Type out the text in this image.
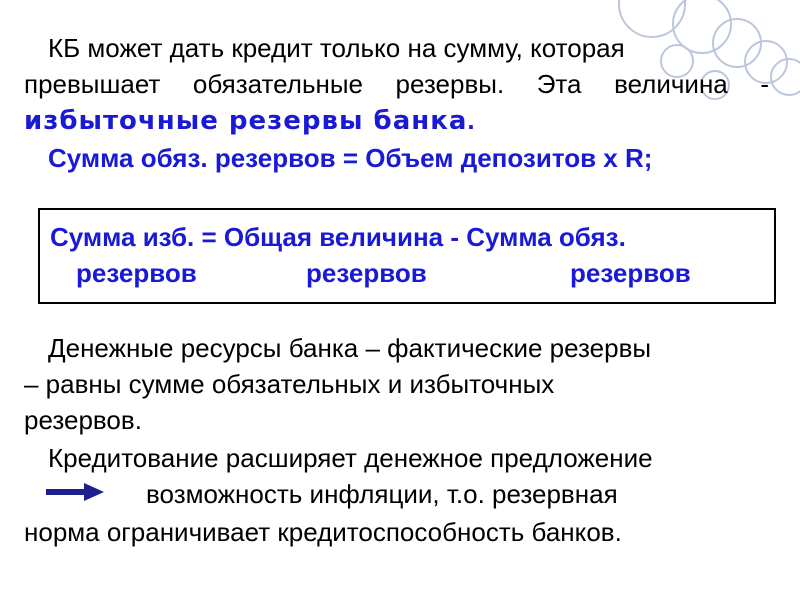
КБ может дать кредит только на сумму, которая
превышает обязательные резервы. Эта величина -
избыточные резервы банка.
Сумма обяз. резервов = Объем депозитов х R;
Сумма изб. = Общая величина - Сумма обяз.
резервов	резервов	резервов
Денежные ресурсы банка – фактические резервы
– равны сумме обязательных и избыточных
резервов.
Кредитование расширяет денежное предложение
возможность инфляции, т.о. резервная
норма ограничивает кредитоспособность банков.
